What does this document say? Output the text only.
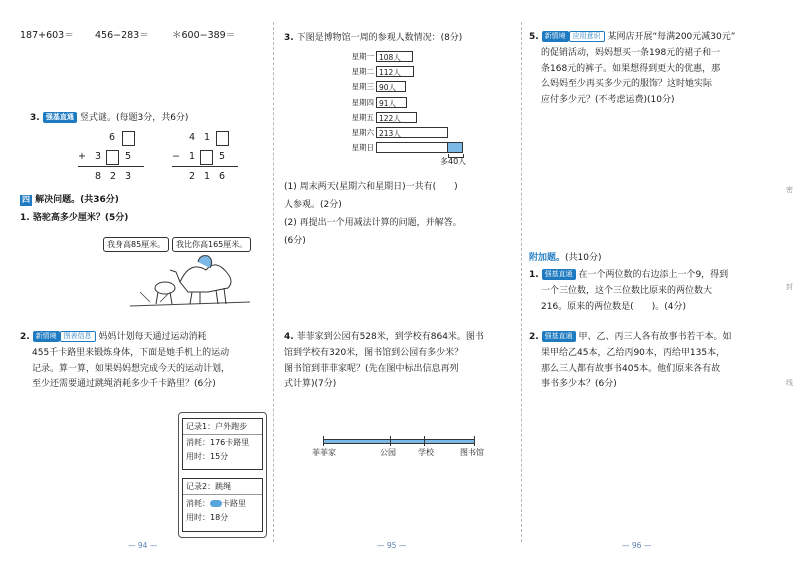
187+603＝ 456−283＝ ＊600−389＝
3. 强基直通 竖式谜。(每题3分，共6分)
6
+ 3	5
8 2 3
4 1
− 1	5
2 1 6
四 解决问题。(共36分)
1. 骆驼高多少厘米？(5分)
我身高85厘米。	我比你高165厘米。
2. 新情境 图表信息 妈妈计划每天通过运动消耗
455千卡路里来锻炼身体，下面是她手机上的运动
记录。算一算，如果妈妈想完成今天的运动计划，
至少还需要通过跳绳消耗多少千卡路里？(6分)
记录1：户外跑步
消耗：176卡路里
用时：15分
记录2：跳绳
消耗： 卡路里
用时：18分
— 94 —
3. 下图是博物馆一周的参观人数情况：(8分)
星期一 108人
星期二 112人
星期三 90人
星期四 91人
星期五 122人
星期六 213人
星期日
多40人
(1) 周末两天(星期六和星期日)一共有(　　)
人参观。(2分)
(2) 再提出一个用减法计算的问题，并解答。
(6分)
4. 菲菲家到公园有528米，到学校有864米。图书
馆到学校有320米，图书馆到公园有多少米？
图书馆到菲菲家呢？(先在图中标出信息再列
式计算)(7分)
菲菲家	公园	学校	图书馆
— 95 —
5. 新情境 应用意识 某网店开展“每满200元减30元”
的促销活动，妈妈想买一条198元的裙子和一
条168元的裤子。如果想得到更大的优惠，那
么妈妈至少再买多少元的服饰？这时她实际
应付多少元？(不考虑运费)(10分)
附加题。(共10分)
1. 强基直通 在一个两位数的右边添上一个9，得到
一个三位数，这个三位数比原来的两位数大
216。原来的两位数是(　　)。(4分)
2. 强基直通 甲、乙、丙三人各有故事书若干本。如
果甲给乙45本，乙给丙90本，丙给甲135本，
那么三人都有故事书405本。他们原来各有故
事书多少本？(6分)
密
封
线
— 96 —
